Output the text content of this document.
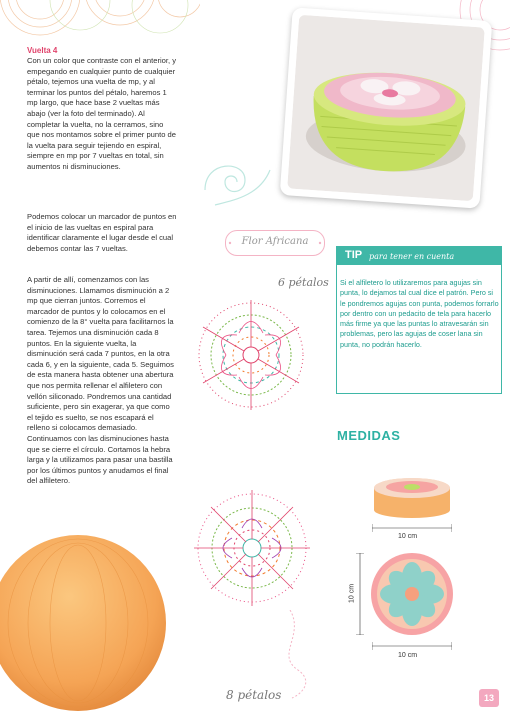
Vuelta 4
Con un color que contraste con el anterior, y empegando en cualquier punto de cualquier pétalo, tejemos una vuelta de mp, y al terminar los puntos del pétalo, haremos 1 mp largo, que hace base 2 vueltas más abajo (ver la foto del terminado). Al completar la vuelta, no la cerramos, sino que nos montamos sobre el primer punto de la vuelta para seguir tejiendo en espiral, siempre en mp por 7 vueltas en total, sin aumentos ni disminuciones.
Podemos colocar un marcador de puntos en el inicio de las vueltas en espiral para identificar claramente el lugar desde el cual debemos contar las 7 vueltas.
A partir de allí, comenzamos con las disminuciones. Llamamos disminución a 2 mp que cierran juntos. Corremos el marcador de puntos y lo colocamos en el comienzo de la 8° vuelta para facilitarnos la tarea. Tejemos una disminución cada 8 puntos. En la siguiente vuelta, la disminución será cada 7 puntos, en la otra cada 6, y en la siguiente, cada 5. Seguimos de esta manera hasta obtener una abertura que nos permita rellenar el alfiletero con vellón siliconado. Pondremos una cantidad suficiente, pero sin exagerar, ya que como el tejido es suelto, se nos escapará el relleno si colocamos demasiado. Continuamos con las disminuciones hasta que se cierre el círculo. Cortamos la hebra larga y la utilizamos para pasar una bastilla por los últimos puntos y anudamos el final del alfiletero.
Flor Africana
6 pétalos
8 pétalos
TIP para tener en cuenta
Si el alfiletero lo utilizaremos para agujas sin punta, lo dejamos tal cual dice el patrón. Pero si le pondremos agujas con punta, podemos forrarlo por dentro con un pedacito de tela para hacerlo más firme ya que las puntas lo atravesarán sin problemas, pero las agujas de coser lana sin punta, no podrán hacerlo.
MEDIDAS
10 cm
10 cm
10 cm
13
